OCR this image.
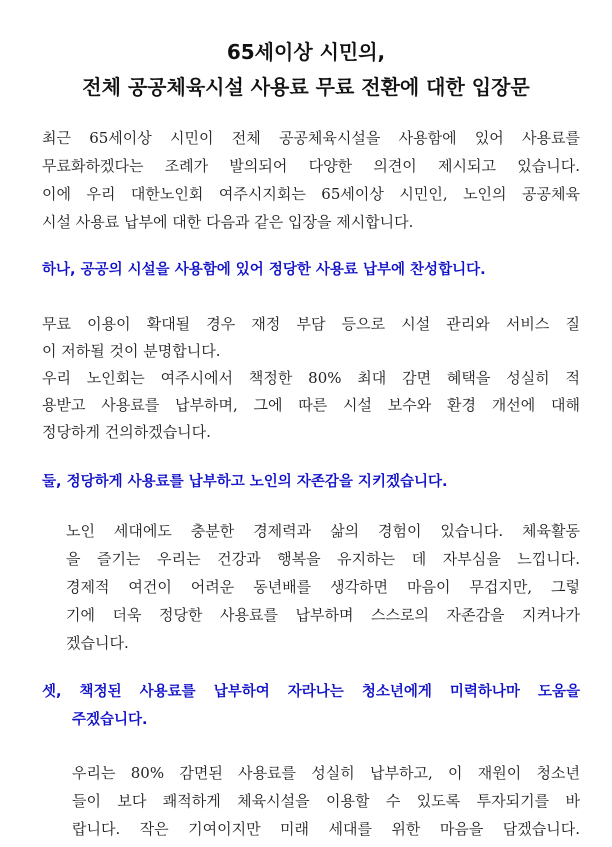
65세이상 시민의,
전체 공공체육시설 사용료 무료 전환에 대한 입장문
최근 65세이상 시민이 전체 공공체육시설을 사용함에 있어 사용료를
무료화하겠다는 조례가 발의되어 다양한 의견이 제시되고 있습니다.
이에 우리 대한노인회 여주시지회는 65세이상 시민인, 노인의 공공체육
시설 사용료 납부에 대한 다음과 같은 입장을 제시합니다.
하나, 공공의 시설을 사용함에 있어 정당한 사용료 납부에 찬성합니다.
무료 이용이 확대될 경우 재정 부담 등으로 시설 관리와 서비스 질
이 저하될 것이 분명합니다.
우리 노인회는 여주시에서 책정한 80% 최대 감면 혜택을 성실히 적
용받고 사용료를 납부하며, 그에 따른 시설 보수와 환경 개선에 대해
정당하게 건의하겠습니다.
둘, 정당하게 사용료를 납부하고 노인의 자존감을 지키겠습니다.
노인 세대에도 충분한 경제력과 삶의 경험이 있습니다. 체육활동
을 즐기는 우리는 건강과 행복을 유지하는 데 자부심을 느낍니다.
경제적 여건이 어려운 동년배를 생각하면 마음이 무겁지만, 그렇
기에 더욱 정당한 사용료를 납부하며 스스로의 자존감을 지켜나가
겠습니다.
셋, 책정된 사용료를 납부하여 자라나는 청소년에게 미력하나마 도움을
주겠습니다.
우리는 80% 감면된 사용료를 성실히 납부하고, 이 재원이 청소년
들이 보다 쾌적하게 체육시설을 이용할 수 있도록 투자되기를 바
랍니다. 작은 기여이지만 미래 세대를 위한 마음을 담겠습니다.
